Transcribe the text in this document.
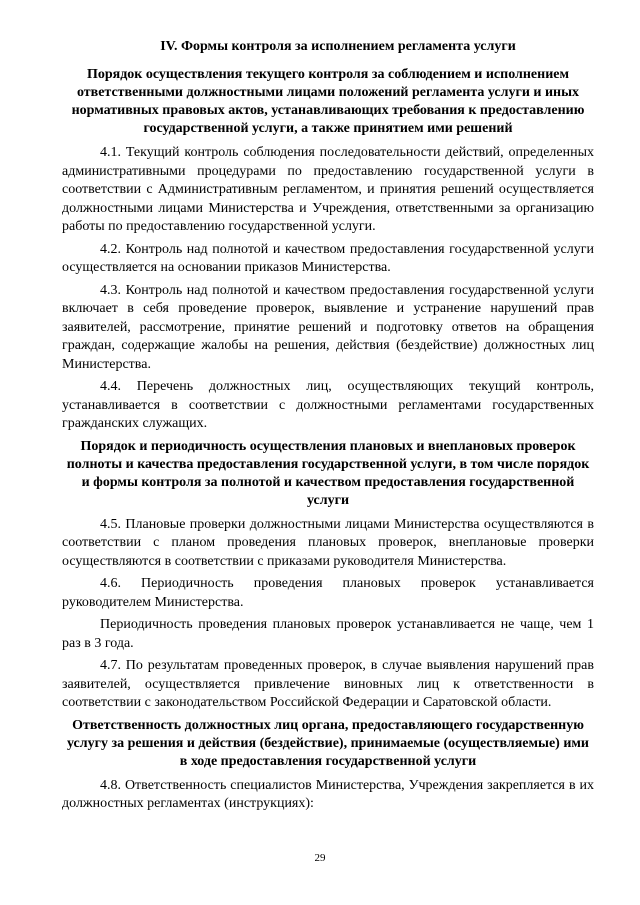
IV. Формы контроля за исполнением регламента услуги
Порядок осуществления текущего контроля за соблюдением и исполнением ответственными должностными лицами положений регламента услуги и иных нормативных правовых актов, устанавливающих требования к предоставлению государственной услуги, а также принятием ими решений

4.1. Текущий контроль соблюдения последовательности действий, определенных административными процедурами по предоставлению государственной услуги в соответствии с Административным регламентом, и принятия решений осуществляется должностными лицами Министерства и Учреждения, ответственными за организацию работы по предоставлению государственной услуги.

4.2. Контроль над полнотой и качеством предоставления государственной услуги осуществляется на основании приказов Министерства.

4.3. Контроль над полнотой и качеством предоставления государственной услуги включает в себя проведение проверок, выявление и устранение нарушений прав заявителей, рассмотрение, принятие решений и подготовку ответов на обращения граждан, содержащие жалобы на решения, действия (бездействие) должностных лиц Министерства.

4.4. Перечень должностных лиц, осуществляющих текущий контроль, устанавливается в соответствии с должностными регламентами государственных гражданских служащих.

Порядок и периодичность осуществления плановых и внеплановых проверок полноты и качества предоставления государственной услуги, в том числе порядок и формы контроля за полнотой и качеством предоставления государственной услуги

4.5. Плановые проверки должностными лицами Министерства осуществляются в соответствии с планом проведения плановых проверок, внеплановые проверки осуществляются в соответствии с приказами руководителя Министерства.

4.6. Периодичность проведения плановых проверок устанавливается руководителем Министерства.

Периодичность проведения плановых проверок устанавливается не чаще, чем 1 раз в 3 года.

4.7. По результатам проведенных проверок, в случае выявления нарушений прав заявителей, осуществляется привлечение виновных лиц к ответственности в соответствии с законодательством Российской Федерации и Саратовской области.

Ответственность должностных лиц органа, предоставляющего государственную услугу за решения и действия (бездействие), принимаемые (осуществляемые) ими в ходе предоставления государственной услуги

4.8. Ответственность специалистов Министерства, Учреждения закрепляется в их должностных регламентах (инструкциях):

29
